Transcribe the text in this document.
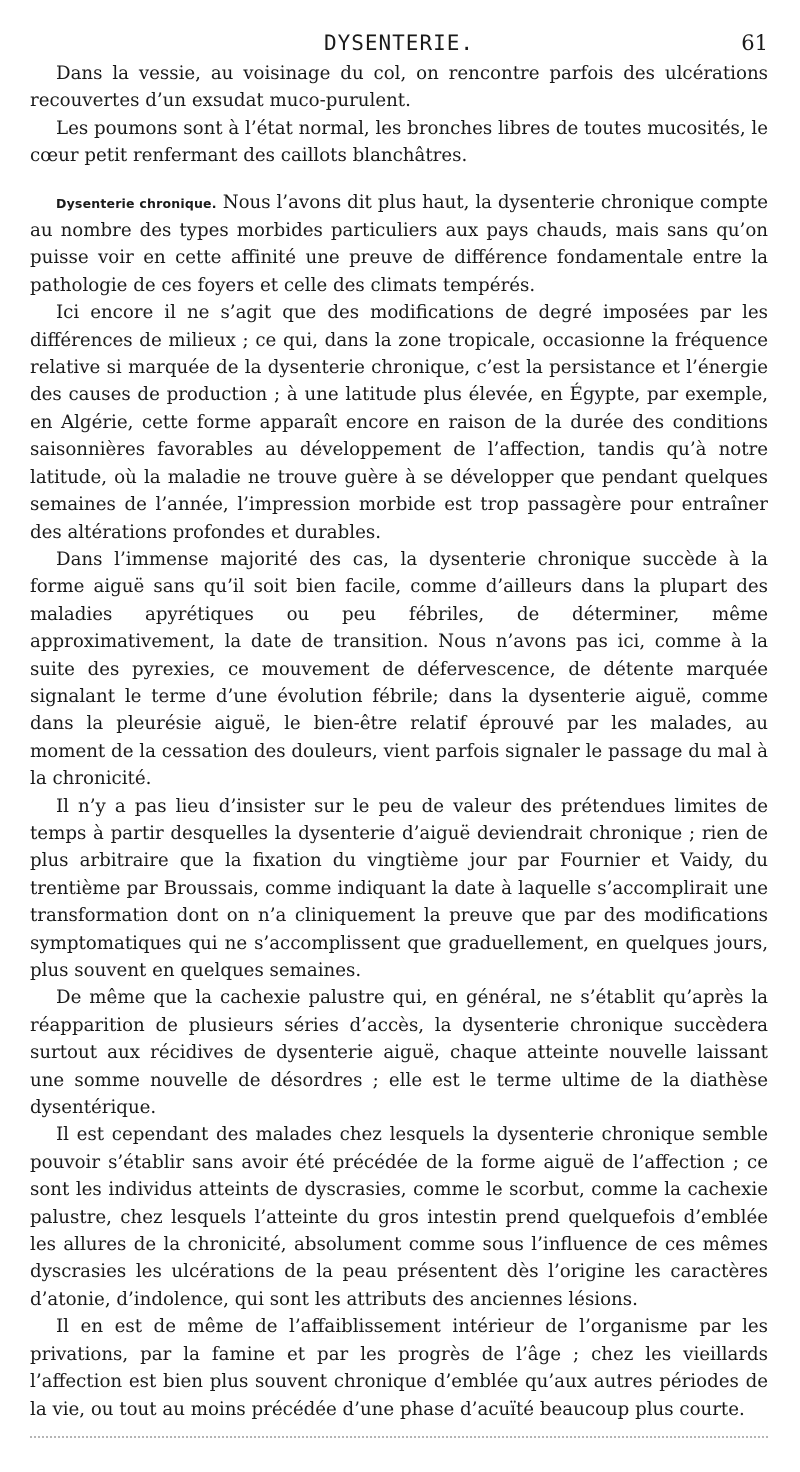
DYSENTERIE.	61

Dans la vessie, au voisinage du col, on rencontre parfois des ulcérations recouvertes d’un exsudat muco-purulent.

Les poumons sont à l’état normal, les bronches libres de toutes mucosités, le cœur petit renfermant des caillots blanchâtres.

Dysenterie chronique. Nous l’avons dit plus haut, la dysenterie chronique compte au nombre des types morbides particuliers aux pays chauds, mais sans qu’on puisse voir en cette affinité une preuve de différence fondamentale entre la pathologie de ces foyers et celle des climats tempérés.

Ici encore il ne s’agit que des modifications de degré imposées par les différences de milieux ; ce qui, dans la zone tropicale, occasionne la fréquence relative si marquée de la dysenterie chronique, c’est la persistance et l’énergie des causes de production ; à une latitude plus élevée, en Égypte, par exemple, en Algérie, cette forme apparaît encore en raison de la durée des conditions saisonnières favorables au développement de l’affection, tandis qu’à notre latitude, où la maladie ne trouve guère à se développer que pendant quelques semaines de l’année, l’impression morbide est trop passagère pour entraîner des altérations profondes et durables.

Dans l’immense majorité des cas, la dysenterie chronique succède à la forme aiguë sans qu’il soit bien facile, comme d’ailleurs dans la plupart des maladies apyrétiques ou peu fébriles, de déterminer, même approximativement, la date de transition. Nous n’avons pas ici, comme à la suite des pyrexies, ce mouvement de défervescence, de détente marquée signalant le terme d’une évolution fébrile; dans la dysenterie aiguë, comme dans la pleurésie aiguë, le bien-être relatif éprouvé par les malades, au moment de la cessation des douleurs, vient parfois signaler le passage du mal à la chronicité.

Il n’y a pas lieu d’insister sur le peu de valeur des prétendues limites de temps à partir desquelles la dysenterie d’aiguë deviendrait chronique ; rien de plus arbitraire que la fixation du vingtième jour par Fournier et Vaidy, du trentième par Broussais, comme indiquant la date à laquelle s’accomplirait une transformation dont on n’a cliniquement la preuve que par des modifications symptomatiques qui ne s’accomplissent que graduellement, en quelques jours, plus souvent en quelques semaines.

De même que la cachexie palustre qui, en général, ne s’établit qu’après la réapparition de plusieurs séries d’accès, la dysenterie chronique succèdera surtout aux récidives de dysenterie aiguë, chaque atteinte nouvelle laissant une somme nouvelle de désordres ; elle est le terme ultime de la diathèse dysentérique.

Il est cependant des malades chez lesquels la dysenterie chronique semble pouvoir s’établir sans avoir été précédée de la forme aiguë de l’affection ; ce sont les individus atteints de dyscrasies, comme le scorbut, comme la cachexie palustre, chez lesquels l’atteinte du gros intestin prend quelquefois d’emblée les allures de la chronicité, absolument comme sous l’influence de ces mêmes dyscrasies les ulcérations de la peau présentent dès l’origine les caractères d’atonie, d’indolence, qui sont les attributs des anciennes lésions.

Il en est de même de l’affaiblissement intérieur de l’organisme par les privations, par la famine et par les progrès de l’âge ; chez les vieillards l’affection est bien plus souvent chronique d’emblée qu’aux autres périodes de la vie, ou tout au moins précédée d’une phase d’acuïté beaucoup plus courte.
